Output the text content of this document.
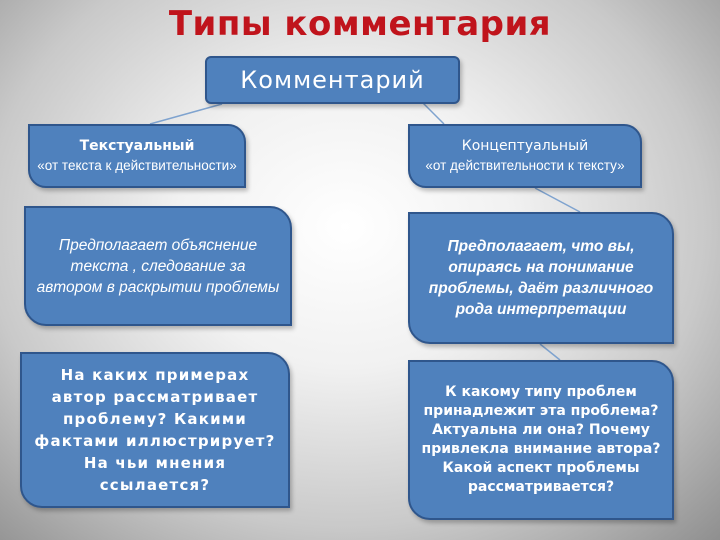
Типы комментария
Комментарий
Текстуальный
«от текста к действительности»
Концептуальный
«от действительности к тексту»
Предполагает объяснение текста , следование за автором в раскрытии проблемы
Предполагает, что вы, опираясь на понимание проблемы, даёт различного рода интерпретации
На каких примерах автор рассматривает проблему? Какими фактами иллюстрирует? На чьи мнения ссылается?
К какому типу проблем принадлежит эта проблема? Актуальна ли она? Почему привлекла внимание автора? Какой аспект проблемы рассматривается?
